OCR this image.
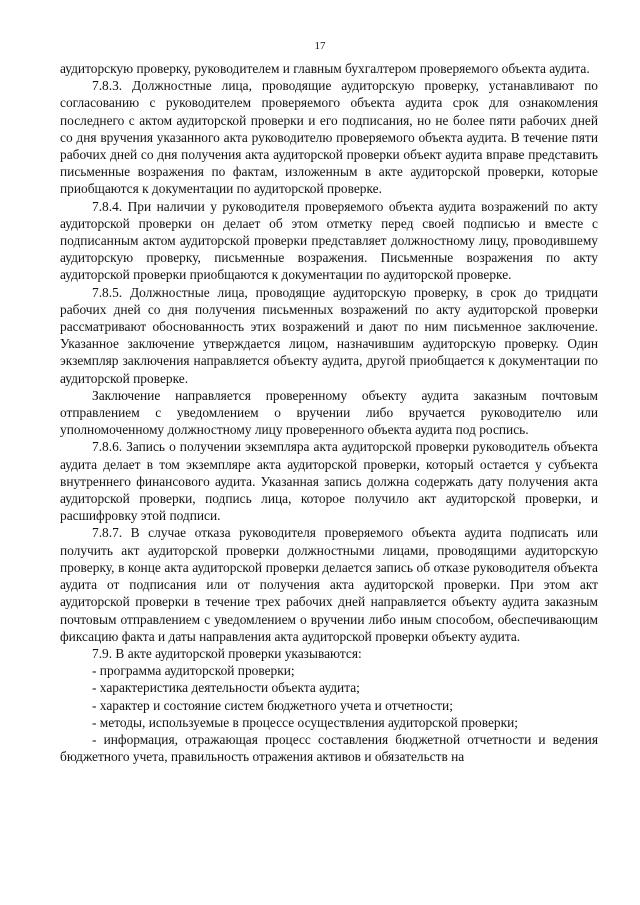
17

аудиторскую проверку, руководителем и главным бухгалтером проверяемого объекта аудита.

7.8.3. Должностные лица, проводящие аудиторскую проверку, устанавливают по согласованию с руководителем проверяемого объекта аудита срок для ознакомления последнего с актом аудиторской проверки и его подписания, но не более пяти рабочих дней со дня вручения указанного акта руководителю проверяемого объекта аудита. В течение пяти рабочих дней со дня получения акта аудиторской проверки объект аудита вправе представить письменные возражения по фактам, изложенным в акте аудиторской проверки, которые приобщаются к документации по аудиторской проверке.

7.8.4. При наличии у руководителя проверяемого объекта аудита возражений по акту аудиторской проверки он делает об этом отметку перед своей подписью и вместе с подписанным актом аудиторской проверки представляет должностному лицу, проводившему аудиторскую проверку, письменные возражения. Письменные возражения по акту аудиторской проверки приобщаются к документации по аудиторской проверке.

7.8.5. Должностные лица, проводящие аудиторскую проверку, в срок до тридцати рабочих дней со дня получения письменных возражений по акту аудиторской проверки рассматривают обоснованность этих возражений и дают по ним письменное заключение. Указанное заключение утверждается лицом, назначившим аудиторскую проверку. Один экземпляр заключения направляется объекту аудита, другой приобщается к документации по аудиторской проверке.

Заключение направляется проверенному объекту аудита заказным почтовым отправлением с уведомлением о вручении либо вручается руководителю или уполномоченному должностному лицу проверенного объекта аудита под роспись.

7.8.6. Запись о получении экземпляра акта аудиторской проверки руководитель объекта аудита делает в том экземпляре акта аудиторской проверки, который остается у субъекта внутреннего финансового аудита. Указанная запись должна содержать дату получения акта аудиторской проверки, подпись лица, которое получило акт аудиторской проверки, и расшифровку этой подписи.

7.8.7. В случае отказа руководителя проверяемого объекта аудита подписать или получить акт аудиторской проверки должностными лицами, проводящими аудиторскую проверку, в конце акта аудиторской проверки делается запись об отказе руководителя объекта аудита от подписания или от получения акта аудиторской проверки. При этом акт аудиторской проверки в течение трех рабочих дней направляется объекту аудита заказным почтовым отправлением с уведомлением о вручении либо иным способом, обеспечивающим фиксацию факта и даты направления акта аудиторской проверки объекту аудита.

7.9. В акте аудиторской проверки указываются:

- программа аудиторской проверки;

- характеристика деятельности объекта аудита;

- характер и состояние систем бюджетного учета и отчетности;

- методы, используемые в процессе осуществления аудиторской проверки;

- информация, отражающая процесс составления бюджетной отчетности и ведения бюджетного учета, правильность отражения активов и обязательств на
